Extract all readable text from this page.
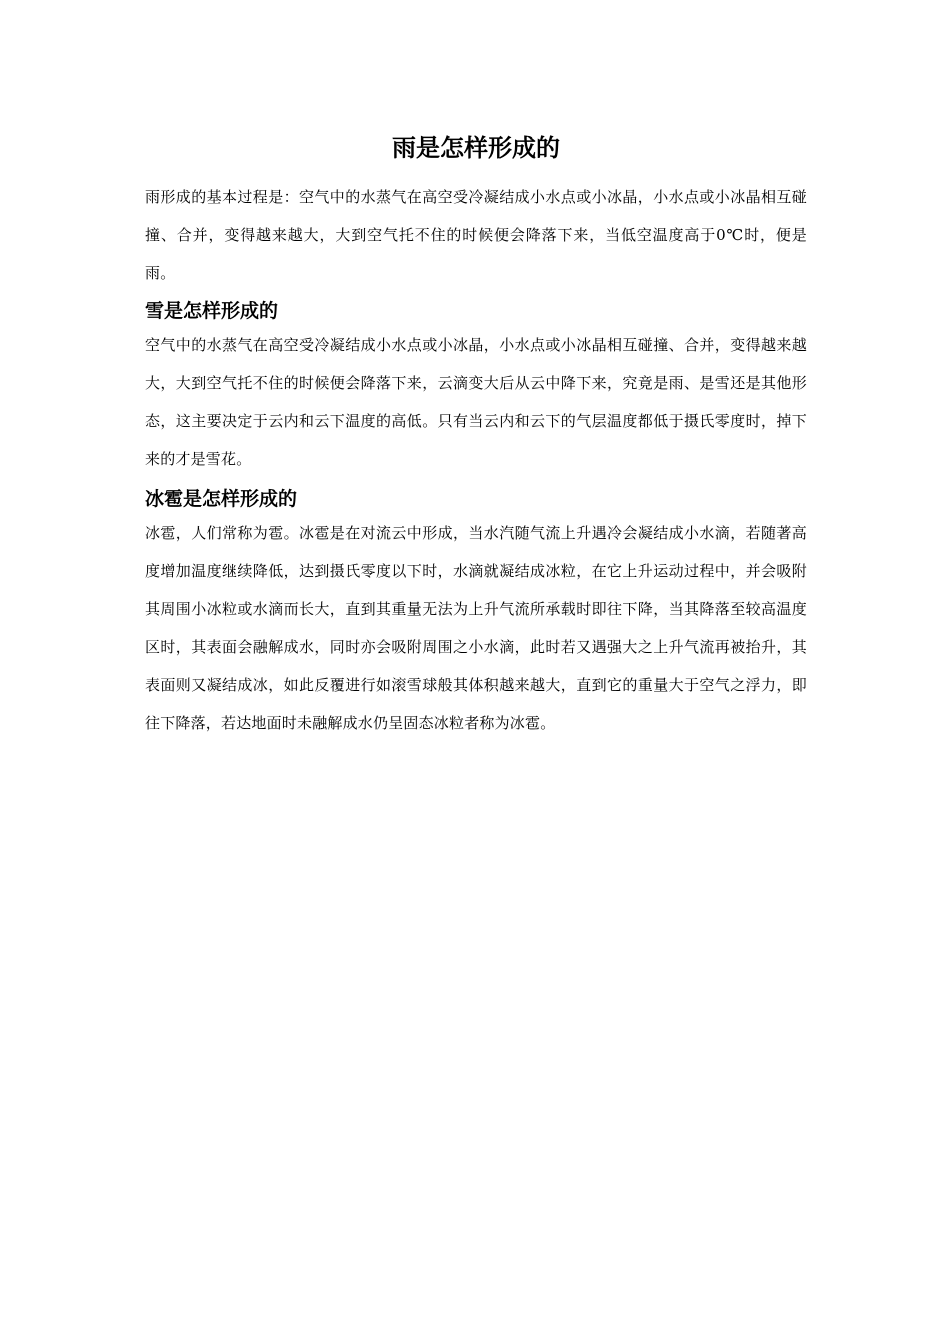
雨是怎样形成的

雨形成的基本过程是：空气中的水蒸气在高空受冷凝结成小水点或小冰晶，小水点或小冰晶相互碰撞、合并，变得越来越大，大到空气托不住的时候便会降落下来，当低空温度高于0℃时，便是雨。

雪是怎样形成的

空气中的水蒸气在高空受冷凝结成小水点或小冰晶，小水点或小冰晶相互碰撞、合并，变得越来越大，大到空气托不住的时候便会降落下来，云滴变大后从云中降下来，究竟是雨、是雪还是其他形态，这主要决定于云内和云下温度的高低。只有当云内和云下的气层温度都低于摄氏零度时，掉下来的才是雪花。

冰雹是怎样形成的

冰雹，人们常称为雹。冰雹是在对流云中形成，当水汽随气流上升遇冷会凝结成小水滴，若随著高度增加温度继续降低，达到摄氏零度以下时，水滴就凝结成冰粒，在它上升运动过程中，并会吸附其周围小冰粒或水滴而长大，直到其重量无法为上升气流所承载时即往下降，当其降落至较高温度区时，其表面会融解成水，同时亦会吸附周围之小水滴，此时若又遇强大之上升气流再被抬升，其表面则又凝结成冰，如此反覆进行如滚雪球般其体积越来越大，直到它的重量大于空气之浮力，即往下降落，若达地面时未融解成水仍呈固态冰粒者称为冰雹。
